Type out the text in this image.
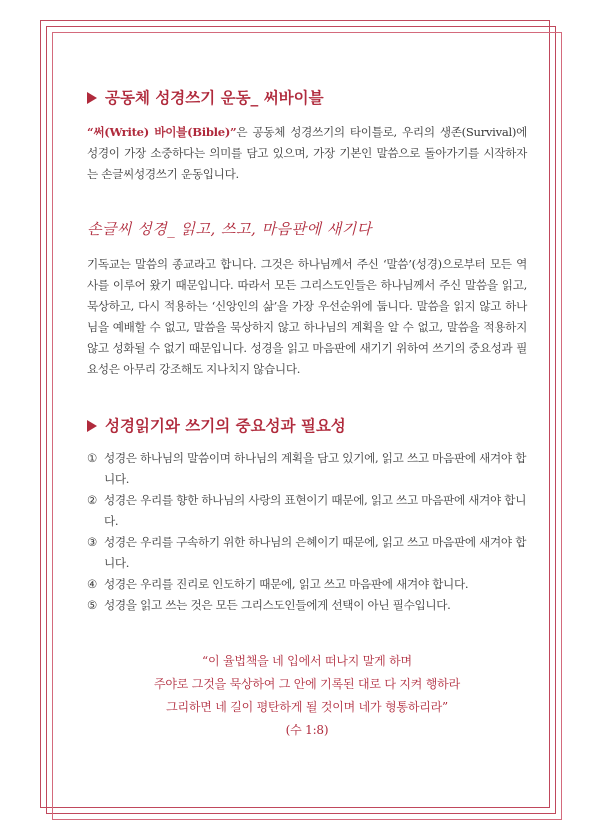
공동체 성경쓰기 운동_ 써바이블

“써(Write) 바이블(Bible)”은 공동체 성경쓰기의 타이틀로, 우리의 생존(Survival)에 성경이 가장 소중하다는 의미를 담고 있으며, 가장 기본인 말씀으로 돌아가기를 시작하자는 손글씨성경쓰기 운동입니다.

손글씨 성경_ 읽고, 쓰고, 마음판에 새기다

기독교는 말씀의 종교라고 합니다. 그것은 하나님께서 주신 ‘말씀’(성경)으로부터 모든 역사를 이루어 왔기 때문입니다. 따라서 모든 그리스도인들은 하나님께서 주신 말씀을 읽고, 묵상하고, 다시 적용하는 ‘신앙인의 삶’을 가장 우선순위에 둡니다. 말씀을 읽지 않고 하나님을 예배할 수 없고, 말씀을 묵상하지 않고 하나님의 계획을 알 수 없고, 말씀을 적용하지 않고 성화될 수 없기 때문입니다. 성경을 읽고 마음판에 새기기 위하여 쓰기의 중요성과 필요성은 아무리 강조해도 지나치지 않습니다.

성경읽기와 쓰기의 중요성과 필요성
① 성경은 하나님의 말씀이며 하나님의 계획을 담고 있기에, 읽고 쓰고 마음판에 새겨야 합니다.
② 성경은 우리를 향한 하나님의 사랑의 표현이기 때문에, 읽고 쓰고 마음판에 새겨야 합니다.
③ 성경은 우리를 구속하기 위한 하나님의 은혜이기 때문에, 읽고 쓰고 마음판에 새겨야 합니다.
④ 성경은 우리를 진리로 인도하기 때문에, 읽고 쓰고 마음판에 새겨야 합니다.
⑤ 성경을 읽고 쓰는 것은 모든 그리스도인들에게 선택이 아닌 필수입니다.

“이 율법책을 네 입에서 떠나지 말게 하며
주야로 그것을 묵상하여 그 안에 기록된 대로 다 지켜 행하라
그리하면 네 길이 평탄하게 될 것이며 네가 형통하리라”
(수 1:8)
